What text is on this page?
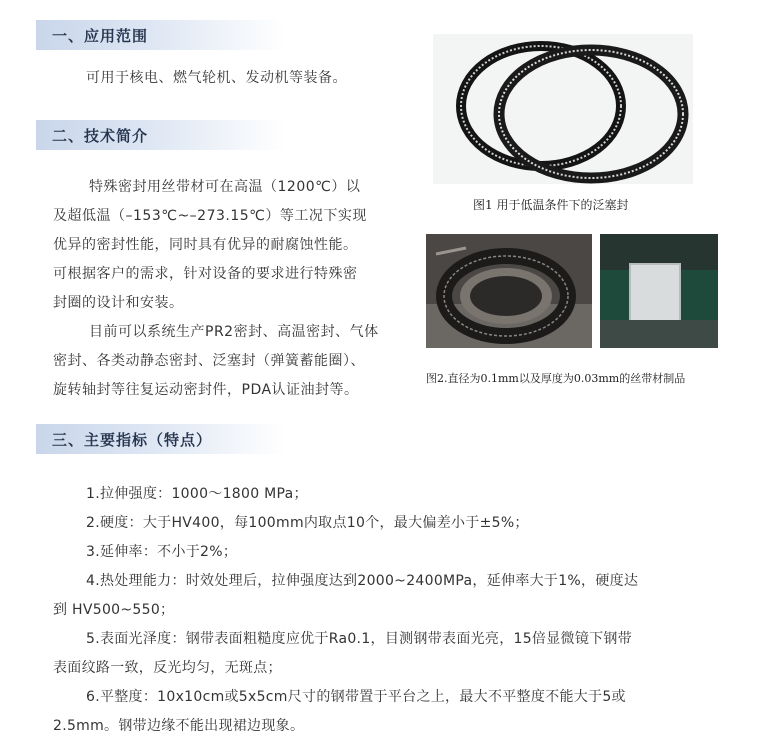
一、应用范围
可用于核电、燃气轮机、发动机等装备。
二、技术简介
特殊密封用丝带材可在高温（1200℃）以
及超低温（–153℃~–273.15℃）等工况下实现
优异的密封性能，同时具有优异的耐腐蚀性能。
可根据客户的需求，针对设备的要求进行特殊密
封圈的设计和安装。
目前可以系统生产PR2密封、高温密封、气体
密封、各类动静态密封、泛塞封（弹簧蓄能圈）、
旋转轴封等往复运动密封件，PDA认证油封等。
图1 用于低温条件下的泛塞封
图2.直径为0.1mm以及厚度为0.03mm的丝带材制品
三、主要指标（特点）
1.拉伸强度：1000～1800 MPa；
2.硬度：大于HV400，每100mm内取点10个，最大偏差小于±5%；
3.延伸率：不小于2%；
4.热处理能力：时效处理后，拉伸强度达到2000~2400MPa，延伸率大于1%，硬度达
到 HV500~550；
5.表面光泽度：钢带表面粗糙度应优于Ra0.1，目测钢带表面光亮，15倍显微镜下钢带
表面纹路一致，反光均匀，无斑点；
6.平整度：10x10cm或5x5cm尺寸的钢带置于平台之上，最大不平整度不能大于5或
2.5mm。钢带边缘不能出现裙边现象。
